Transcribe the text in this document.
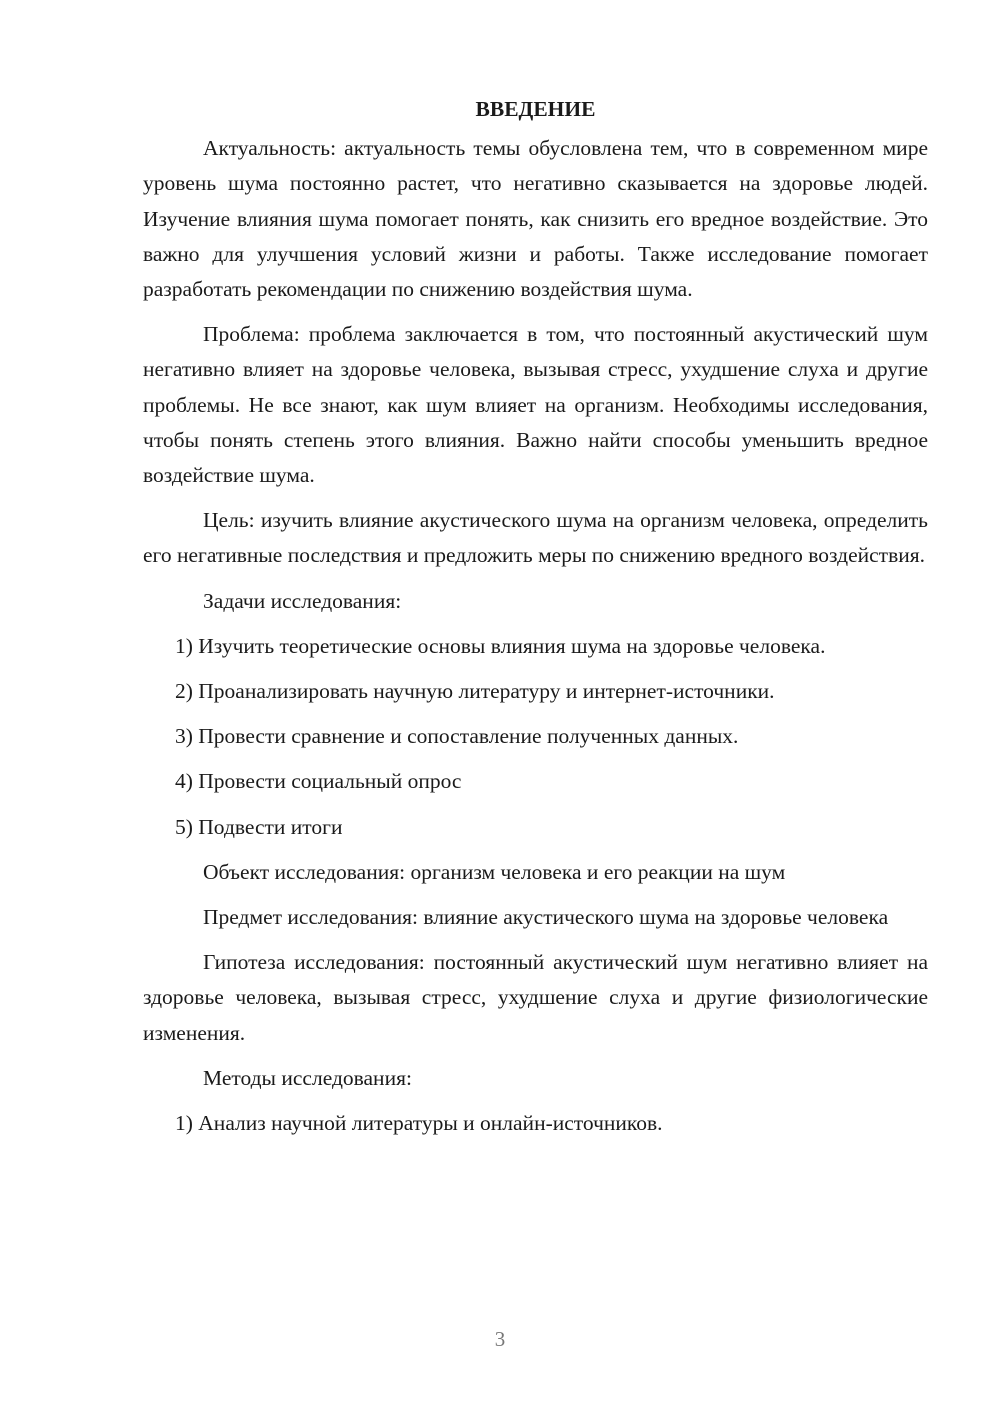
ВВЕДЕНИЕ

Актуальность: актуальность темы обусловлена тем, что в современном мире уровень шума постоянно растет, что негативно сказывается на здоровье людей. Изучение влияния шума помогает понять, как снизить его вредное воздействие. Это важно для улучшения условий жизни и работы. Также исследование помогает разработать рекомендации по снижению воздействия шума.

Проблема: проблема заключается в том, что постоянный акустический шум негативно влияет на здоровье человека, вызывая стресс, ухудшение слуха и другие проблемы. Не все знают, как шум влияет на организм. Необходимы исследования, чтобы понять степень этого влияния. Важно найти способы уменьшить вредное воздействие шума.

Цель: изучить влияние акустического шума на организм человека, определить его негативные последствия и предложить меры по снижению вредного воздействия.

Задачи исследования:

1) Изучить теоретические основы влияния шума на здоровье человека.

2) Проанализировать научную литературу и интернет-источники.

3) Провести сравнение и сопоставление полученных данных.

4) Провести социальный опрос

5) Подвести итоги

Объект исследования: организм человека и его реакции на шум

Предмет исследования: влияние акустического шума на здоровье человека

Гипотеза исследования: постоянный акустический шум негативно влияет на здоровье человека, вызывая стресс, ухудшение слуха и другие физиологические изменения.

Методы исследования:

1) Анализ научной литературы и онлайн-источников.

3
